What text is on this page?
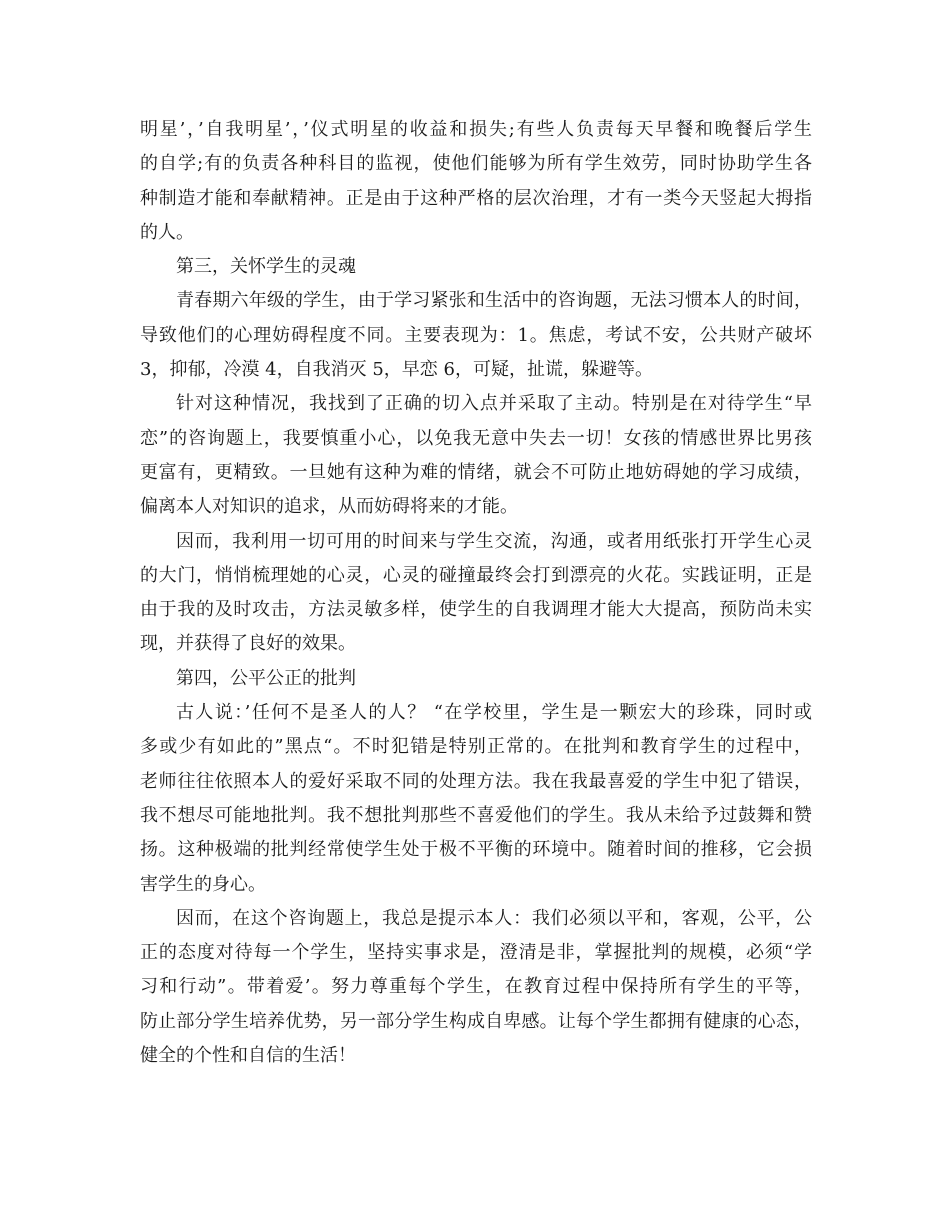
明星’，’自我明星’，’仪式明星的收益和损失;有些人负责每天早餐和晚餐后学生
的自学;有的负责各种科目的监视，使他们能够为所有学生效劳，同时协助学生各
种制造才能和奉献精神。正是由于这种严格的层次治理，才有一类今天竖起大拇指
的人。
第三，关怀学生的灵魂
青春期六年级的学生，由于学习紧张和生活中的咨询题，无法习惯本人的时间，
导致他们的心理妨碍程度不同。主要表现为：1。焦虑，考试不安，公共财产破坏
3，抑郁，冷漠 4，自我消灭 5，早恋 6，可疑，扯谎，躲避等。
针对这种情况，我找到了正确的切入点并采取了主动。特别是在对待学生“早
恋”的咨询题上，我要慎重小心，以免我无意中失去一切！女孩的情感世界比男孩
更富有，更精致。一旦她有这种为难的情绪，就会不可防止地妨碍她的学习成绩，
偏离本人对知识的追求，从而妨碍将来的才能。
因而，我利用一切可用的时间来与学生交流，沟通，或者用纸张打开学生心灵
的大门，悄悄梳理她的心灵，心灵的碰撞最终会打到漂亮的火花。实践证明，正是
由于我的及时攻击，方法灵敏多样，使学生的自我调理才能大大提高，预防尚未实
现，并获得了良好的效果。
第四，公平公正的批判
古人说：’任何不是圣人的人？ “在学校里，学生是一颗宏大的珍珠，同时或
多或少有如此的”黑点“。不时犯错是特别正常的。在批判和教育学生的过程中，
老师往往依照本人的爱好采取不同的处理方法。我在我最喜爱的学生中犯了错误，
我不想尽可能地批判。我不想批判那些不喜爱他们的学生。我从未给予过鼓舞和赞
扬。这种极端的批判经常使学生处于极不平衡的环境中。随着时间的推移，它会损
害学生的身心。
因而，在这个咨询题上，我总是提示本人：我们必须以平和，客观，公平，公
正的态度对待每一个学生，坚持实事求是，澄清是非，掌握批判的规模，必须“学
习和行动”。带着爱’。努力尊重每个学生，在教育过程中保持所有学生的平等，
防止部分学生培养优势，另一部分学生构成自卑感。让每个学生都拥有健康的心态，
健全的个性和自信的生活！
